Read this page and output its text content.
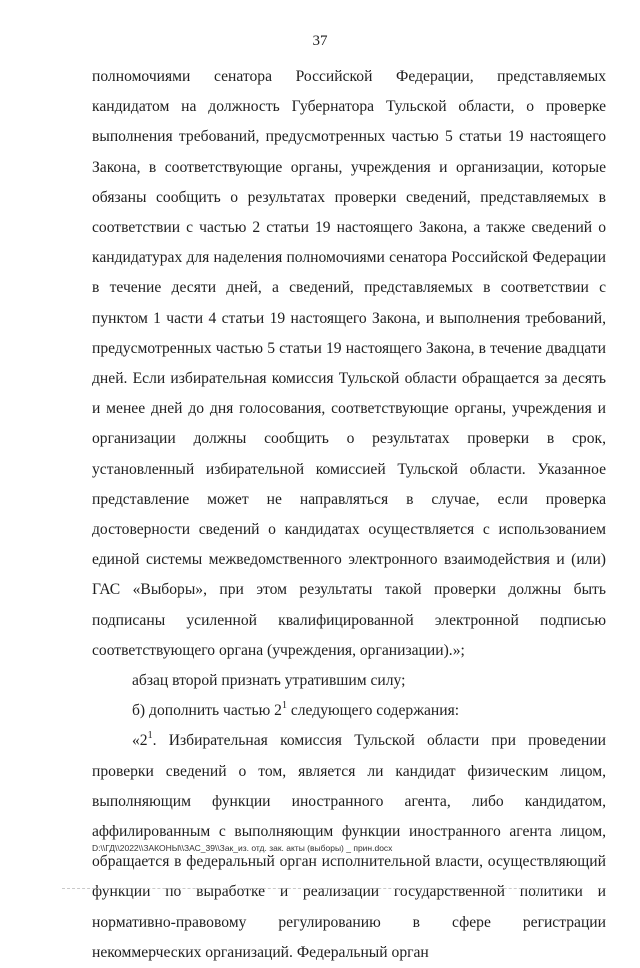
37

полномочиями сенатора Российской Федерации, представляемых кандидатом на должность Губернатора Тульской области, о проверке выполнения требований, предусмотренных частью 5 статьи 19 настоящего Закона, в соответствующие органы, учреждения и организации, которые обязаны сообщить о результатах проверки сведений, представляемых в соответствии с частью 2 статьи 19 настоящего Закона, а также сведений о кандидатурах для наделения полномочиями сенатора Российской Федерации в течение десяти дней, а сведений, представляемых в соответствии с пунктом 1 части 4 статьи 19 настоящего Закона, и выполнения требований, предусмотренных частью 5 статьи 19 настоящего Закона, в течение двадцати дней. Если избирательная комиссия Тульской области обращается за десять и менее дней до дня голосования, соответствующие органы, учреждения и организации должны сообщить о результатах проверки в срок, установленный избирательной комиссией Тульской области. Указанное представление может не направляться в случае, если проверка достоверности сведений о кандидатах осуществляется с использованием единой системы межведомственного электронного взаимодействия и (или) ГАС «Выборы», при этом результаты такой проверки должны быть подписаны усиленной квалифицированной электронной подписью соответствующего органа (учреждения, организации).»;

абзац второй признать утратившим силу;

б) дополнить частью $2^1$ следующего содержания:

«$2^1$. Избирательная комиссия Тульской области при проведении проверки сведений о том, является ли кандидат физическим лицом, выполняющим функции иностранного агента, либо кандидатом, аффилированным с выполняющим функции иностранного агента лицом, обращается в федеральный орган исполнительной власти, осуществляющий функции по выработке и реализации государственной политики и нормативно-правовому регулированию в сфере регистрации некоммерческих организаций. Федеральный орган

D:\\ГД\\2022\\ЗАКОНЫ\\ЗАС_39\\Зак_из. отд. зак. акты (выборы) _ прин.docx
